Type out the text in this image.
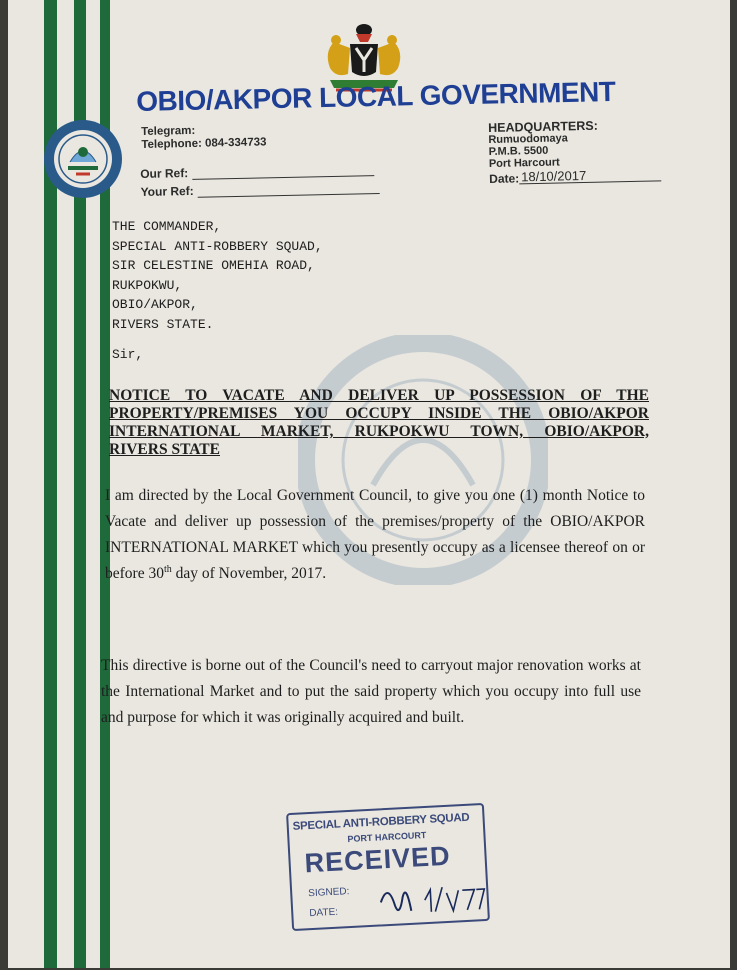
OBIO/AKPOR LOCAL GOVERNMENT
Telegram:
Telephone: 084-334733
Our Ref:
Your Ref:
HEADQUARTERS:
Rumuodomaya
P.M.B. 5500
Port Harcourt
Date: 18/10/2017
THE COMMANDER,
SPECIAL ANTI-ROBBERY SQUAD,
SIR CELESTINE OMEHIA ROAD,
RUKPOKWU,
OBIO/AKPOR,
RIVERS STATE.
Sir,
NOTICE TO VACATE AND DELIVER UP POSSESSION OF THE
PROPERTY/PREMISES YOU OCCUPY INSIDE THE OBIO/AKPOR
INTERNATIONAL MARKET, RUKPOKWU TOWN, OBIO/AKPOR,

RIVERS STATE
I am directed by the Local Government Council, to give you one (1) month Notice to Vacate and deliver up possession of the premises/property of the OBIO/AKPOR INTERNATIONAL MARKET which you presently occupy as a licensee thereof on or before 30th day of November, 2017.
This directive is borne out of the Council's need to carryout major renovation works at the International Market and to put the said property which you occupy into full use and purpose for which it was originally acquired and built.
SPECIAL ANTI-ROBBERY SQUAD
PORT HARCOURT
RECEIVED
SIGNED:
DATE:
